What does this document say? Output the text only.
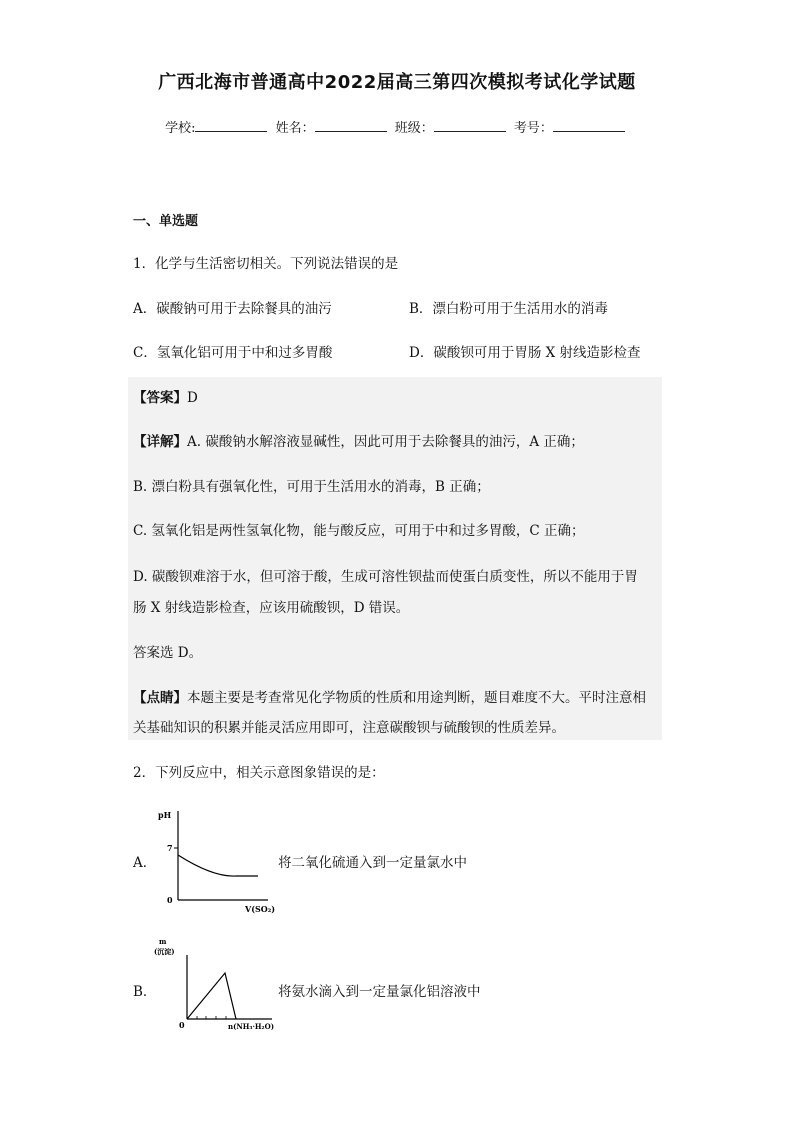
广西北海市普通高中2022届高三第四次模拟考试化学试题
学校:	姓名：	班级：	考号：
一、单选题
1．化学与生活密切相关。下列说法错误的是
A．碳酸钠可用于去除餐具的油污	B．漂白粉可用于生活用水的消毒
C．氢氧化铝可用于中和过多胃酸	D．碳酸钡可用于胃肠 X 射线造影检查
【答案】D
【详解】A. 碳酸钠水解溶液显碱性，因此可用于去除餐具的油污，A 正确；
B. 漂白粉具有强氧化性，可用于生活用水的消毒，B 正确；
C. 氢氧化铝是两性氢氧化物，能与酸反应，可用于中和过多胃酸，C 正确；
D. 碳酸钡难溶于水，但可溶于酸，生成可溶性钡盐而使蛋白质变性，所以不能用于胃
肠 X 射线造影检查，应该用硫酸钡，D 错误。
答案选 D。
【点睛】本题主要是考查常见化学物质的性质和用途判断，题目难度不大。平时注意相
关基础知识的积累并能灵活应用即可，注意碳酸钡与硫酸钡的性质差异。
2．下列反应中，相关示意图象错误的是：
A．
pH
7
0
V(SO₂)
将二氧化硫通入到一定量氯水中
B．
m
(沉淀)
0	n(NH₃·H₂O)
将氨水滴入到一定量氯化铝溶液中
